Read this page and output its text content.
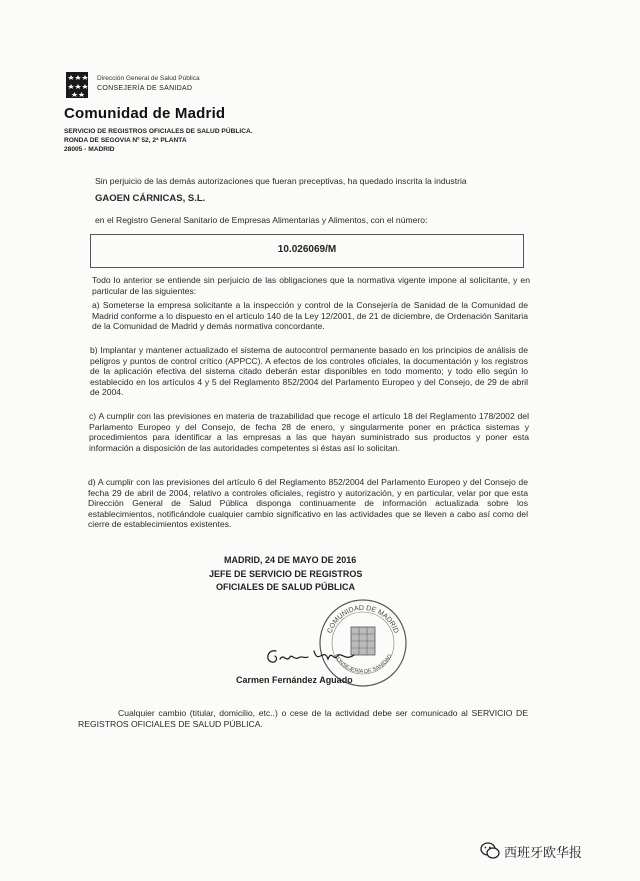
Dirección General de Salud Pública
CONSEJERÍA DE SANIDAD
Comunidad de Madrid
SERVICIO DE REGISTROS OFICIALES DE SALUD PÚBLICA.
RONDA DE SEGOVIA Nº 52, 2ª PLANTA
28005 - MADRID
Sin perjuicio de las demás autorizaciones que fueran preceptivas, ha quedado inscrita la industria
GAOEN CÁRNICAS, S.L.
en el Registro General Sanitario de Empresas Alimentarias y Alimentos, con el número:
10.026069/M
Todo lo anterior se entiende sin perjuicio de las obligaciones que la normativa vigente impone al solicitante, y en particular de las siguientes:
a) Someterse la empresa solicitante a la inspección y control de la Consejería de Sanidad de la Comunidad de Madrid conforme a lo dispuesto en el artículo 140 de la Ley 12/2001, de 21 de diciembre, de Ordenación Sanitaria de la Comunidad de Madrid y demás normativa concordante.
b) Implantar y mantener actualizado el sistema de autocontrol permanente basado en los principios de análisis de peligros y puntos de control crítico (APPCC). A efectos de los controles oficiales, la documentación y los registros de la aplicación efectiva del sistema citado deberán estar disponibles en todo momento; y todo ello según lo establecido en los artículos 4 y 5 del Reglamento 852/2004 del Parlamento Europeo y del Consejo, de 29 de abril de 2004.
c) A cumplir con las previsiones en materia de trazabilidad que recoge el artículo 18 del Reglamento 178/2002 del Parlamento Europeo y del Consejo, de fecha 28 de enero, y singularmente poner en práctica sistemas y procedimientos para identificar a las empresas a las que hayan suministrado sus productos y poner esta información a disposición de las autoridades competentes si éstas así lo solicitan.
d) A cumplir con las previsiones del artículo 6 del Reglamento 852/2004 del Parlamento Europeo y del Consejo de fecha 29 de abril de 2004, relativo a controles oficiales, registro y autorización, y en particular, velar por que esta Dirección General de Salud Pública disponga continuamente de información actualizada sobre los establecimientos, notificándole cualquier cambio significativo en las actividades que se lleven a cabo así como del cierre de establecimientos existentes.
MADRID, 24 DE MAYO DE 2016
JEFE DE SERVICIO DE REGISTROS
OFICIALES DE SALUD PÚBLICA
COMUNIDAD DE MADRID
CONSEJERÍA DE SANIDAD
Carmen Fernández Aguado
Cualquier cambio (titular, domicilio, etc..) o cese de la actividad debe ser comunicado al SERVICIO DE REGISTROS OFICIALES DE SALUD PÚBLICA.
西班牙欧华报
